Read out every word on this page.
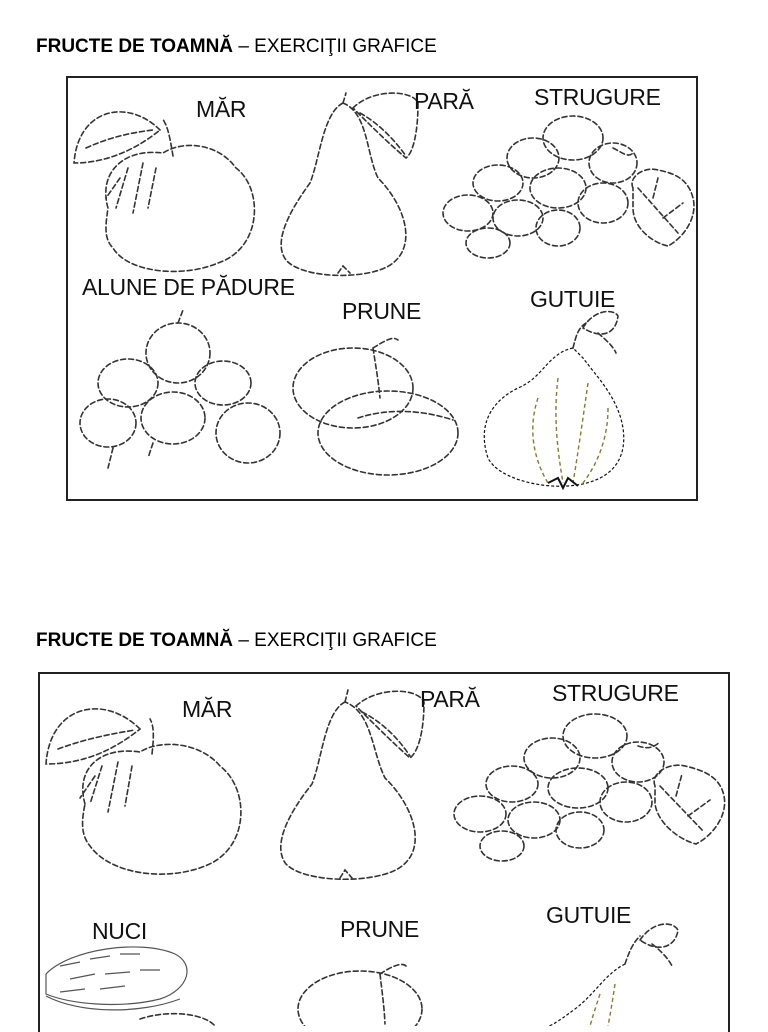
FRUCTE DE TOAMNĂ – EXERCIŢII GRAFICE
MĂR	PARĂ	STRUGURE
ALUNE DE PĂDURE
PRUNE	GUTUIE
FRUCTE DE TOAMNĂ – EXERCIŢII GRAFICE
MĂR	PARĂ	STRUGURE
NUCI	PRUNE
GUTUIE
